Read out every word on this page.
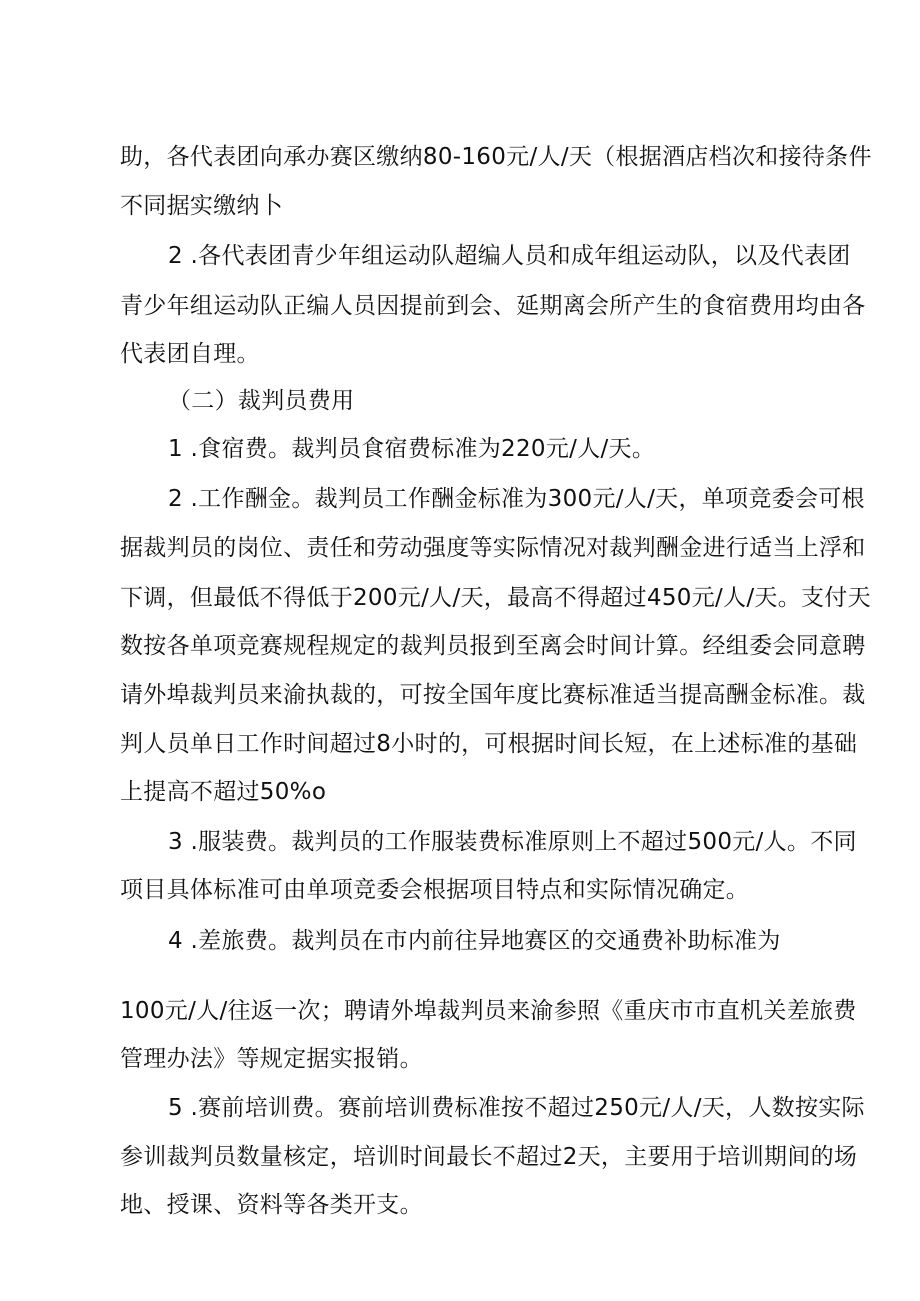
助，各代表团向承办赛区缴纳80-160元/人/天（根据酒店档次和接待条件
不同据实缴纳卜
2 .各代表团青少年组运动队超编人员和成年组运动队，以及代表团
青少年组运动队正编人员因提前到会、延期离会所产生的食宿费用均由各
代表团自理。
（二）裁判员费用
1 .食宿费。裁判员食宿费标准为220元/人/天。
2 .工作酬金。裁判员工作酬金标准为300元/人/天，单项竞委会可根
据裁判员的岗位、责任和劳动强度等实际情况对裁判酬金进行适当上浮和
下调，但最低不得低于200元/人/天，最高不得超过450元/人/天。支付天
数按各单项竞赛规程规定的裁判员报到至离会时间计算。经组委会同意聘
请外埠裁判员来渝执裁的，可按全国年度比赛标准适当提高酬金标准。裁
判人员单日工作时间超过8小时的，可根据时间长短，在上述标准的基础
上提高不超过50%o
3 .服装费。裁判员的工作服装费标准原则上不超过500元/人。不同
项目具体标准可由单项竞委会根据项目特点和实际情况确定。
4 .差旅费。裁判员在市内前往异地赛区的交通费补助标准为
100元/人/往返一次；聘请外埠裁判员来渝参照《重庆市市直机关差旅费
管理办法》等规定据实报销。
5 .赛前培训费。赛前培训费标准按不超过250元/人/天，人数按实际
参训裁判员数量核定，培训时间最长不超过2天，主要用于培训期间的场
地、授课、资料等各类开支。
